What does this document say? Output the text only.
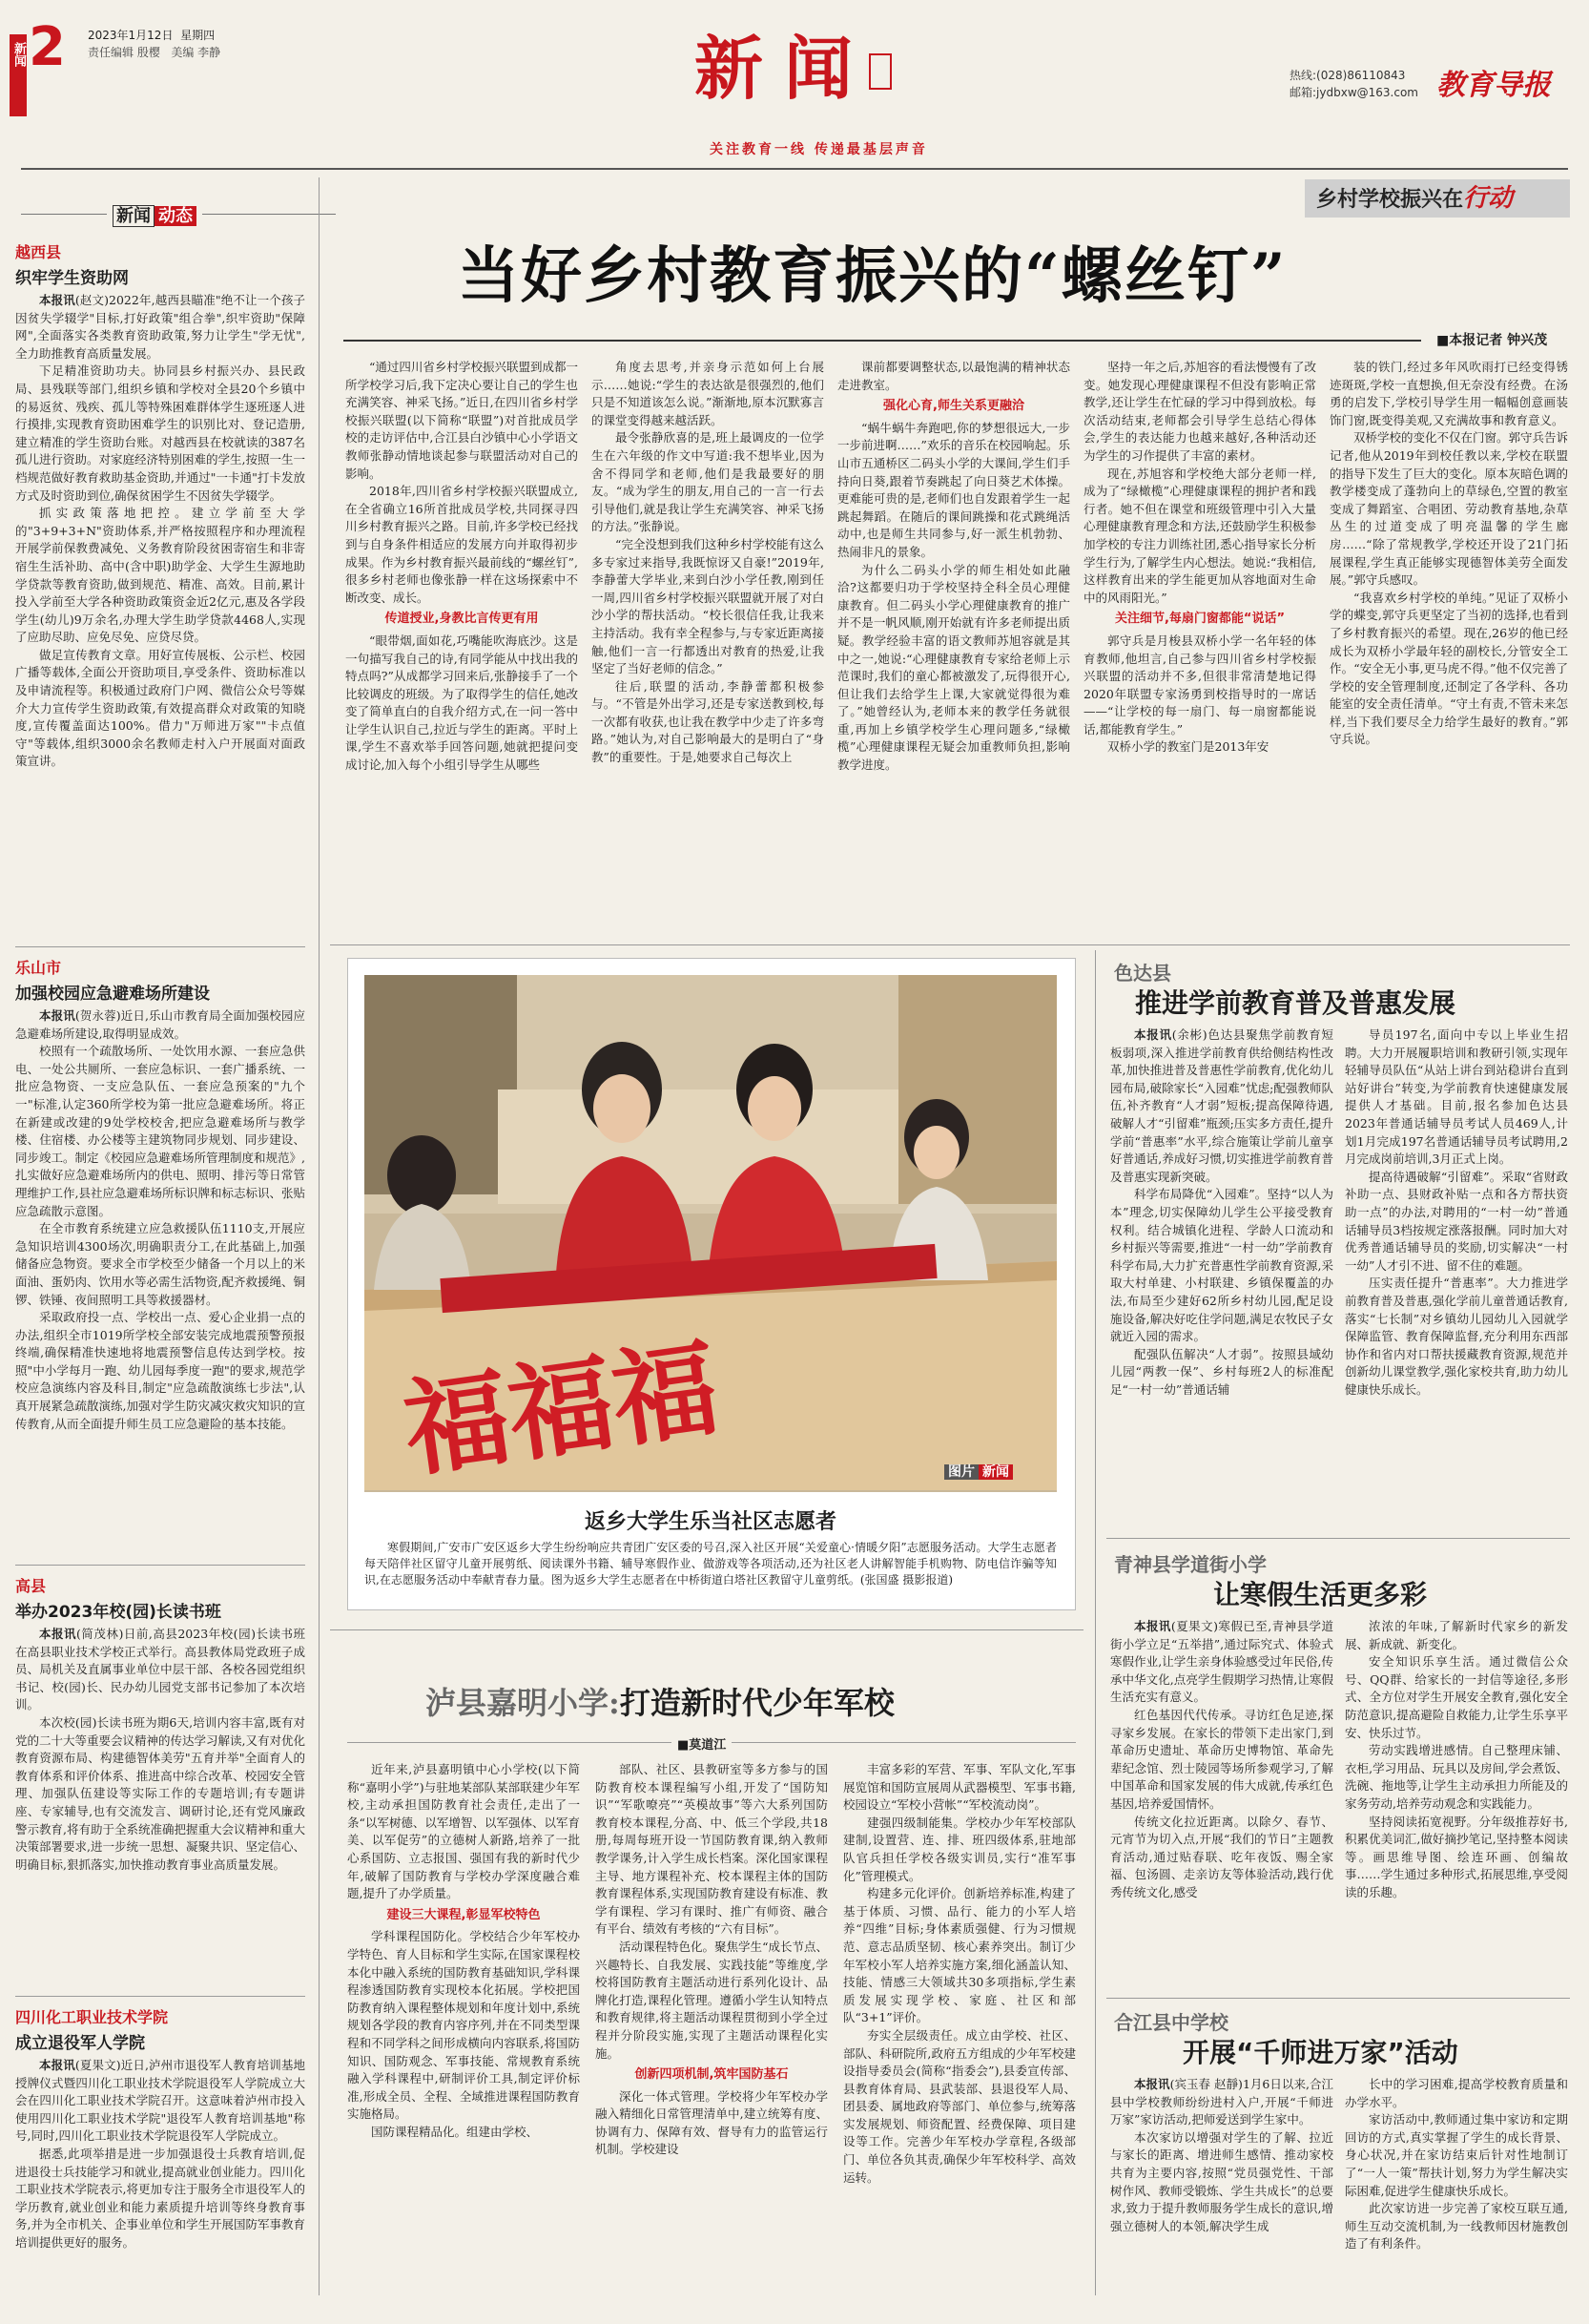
新闻 2 2023年1月12日 星期四
责任编辑 殷樱 美编 李静	新闻
关注教育一线 传递最基层声音
热线:(028)86110843
邮箱:jydbxw@163.com 教育导报
新闻 动态
越西县
织牢学生资助网

本报讯(赵文)2022年,越西县瞄准"绝不让一个孩子因贫失学辍学"目标,打好政策"组合拳",织牢资助"保障网",全面落实各类教育资助政策,努力让学生"学无忧",全力助推教育高质量发展。

下足精准资助功夫。协同县乡村振兴办、县民政局、县残联等部门,组织乡镇和学校对全县20个乡镇中的易返贫、残疾、孤儿等特殊困难群体学生逐班逐人进行摸排,实现教育资助困难学生的识别比对、登记造册,建立精准的学生资助台账。对越西县在校就读的387名孤儿进行资助。对家庭经济特别困难的学生,按照一生一档规范做好教育救助基金资助,并通过"一卡通"打卡发放方式及时资助到位,确保贫困学生不因贫失学辍学。

抓实政策落地把控。建立学前至大学的"3+9+3+N"资助体系,并严格按照程序和办理流程开展学前保教费减免、义务教育阶段贫困寄宿生和非寄宿生生活补助、高中(含中职)助学金、大学生生源地助学贷款等教育资助,做到规范、精准、高效。目前,累计投入学前至大学各种资助政策资金近2亿元,惠及各学段学生(幼儿)9万余名,办理大学生助学贷款4468人,实现了应助尽助、应免尽免、应贷尽贷。

做足宣传教育文章。用好宣传展板、公示栏、校园广播等载体,全面公开资助项目,享受条件、资助标准以及申请流程等。积极通过政府门户网、微信公众号等媒介大力宣传学生资助政策,有效提高群众对政策的知晓度,宣传覆盖面达100%。借力"万师进万家""卡点值守"等载体,组织3000余名教师走村入户开展面对面政策宣讲。

乐山市
加强校园应急避难场所建设

本报讯(贺永蓉)近日,乐山市教育局全面加强校园应急避难场所建设,取得明显成效。

校照有一个疏散场所、一处饮用水源、一套应急供电、一处公共厕所、一套应急标识、一套广播系统、一批应急物资、一支应急队伍、一套应急预案的"九个一"标准,认定360所学校为第一批应急避难场所。将正在新建或改建的9处学校校舍,把应急避难场所与教学楼、住宿楼、办公楼等主建筑物同步规划、同步建设、同步竣工。制定《校园应急避难场所管理制度和规范》,扎实做好应急避难场所内的供电、照明、排污等日常管理维护工作,县社应急避难场所标识牌和标志标识、张贴应急疏散示意图。

在全市教育系统建立应急救援队伍1110支,开展应急知识培训4300场次,明确职责分工,在此基础上,加强储备应急物资。要求全市学校至少储备一个月以上的米面油、蛋奶肉、饮用水等必需生活物资,配齐救援绳、铜锣、铁锤、夜间照明工具等救援器材。

采取政府投一点、学校出一点、爱心企业捐一点的办法,组织全市1019所学校全部安装完成地震预警预报终端,确保精准快速地将地震预警信息传达到学校。按照"中小学每月一跑、幼儿园每季度一跑"的要求,规范学校应急演练内容及科目,制定"应急疏散演练七步法",认真开展紧急疏散演练,加强对学生防灾减灾救灾知识的宣传教育,从而全面提升师生员工应急避险的基本技能。

高县
举办2023年校(园)长读书班

本报讯(简茂林)日前,高县2023年校(园)长读书班在高县职业技术学校正式举行。高县教体局党政班子成员、局机关及直属事业单位中层干部、各校各园党组织书记、校(园)长、民办幼儿园党支部书记参加了本次培训。

本次校(园)长读书班为期6天,培训内容丰富,既有对党的二十大等重要会议精神的传达学习解读,又有对优化教育资源布局、构建德智体美劳"五育并举"全面育人的教育体系和评价体系、推进高中综合改革、校园安全管理、加强队伍建设等实际工作的专题培训;有专题讲座、专家辅导,也有交流发言、调研讨论,还有党风廉政警示教育,将有助于全系统准确把握重大会议精神和重大决策部署要求,进一步统一思想、凝聚共识、坚定信心、明确目标,狠抓落实,加快推动教育事业高质量发展。

四川化工职业技术学院
成立退役军人学院

本报讯(夏果文)近日,泸州市退役军人教育培训基地授牌仪式暨四川化工职业技术学院退役军人学院成立大会在四川化工职业技术学院召开。这意味着泸州市投入使用四川化工职业技术学院"退役军人教育培训基地"称号,同时,四川化工职业技术学院退役军人学院成立。

据悉,此项举措是进一步加强退役士兵教育培训,促进退役士兵技能学习和就业,提高就业创业能力。四川化工职业技术学院表示,将更加专注于服务全市退役军人的学历教育,就业创业和能力素质提升培训等终身教育事务,并为全市机关、企事业单位和学生开展国防军事教育培训提供更好的服务。

乡村学校振兴在行动
当好乡村教育振兴的“螺丝钉”
■本报记者 钟兴茂

“通过四川省乡村学校振兴联盟到成都一所学校学习后,我下定决心要让自己的学生也充满笑容、神采飞扬。”近日,在四川省乡村学校振兴联盟(以下简称“联盟”)对首批成员学校的走访评估中,合江县白沙镇中心小学语文教师张静动情地谈起参与联盟活动对自己的影响。

2018年,四川省乡村学校振兴联盟成立,在全省确立16所首批成员学校,共同探寻四川乡村教育振兴之路。目前,许多学校已经找到与自身条件相适应的发展方向并取得初步成果。作为乡村教育振兴最前线的“螺丝钉”,很多乡村老师也像张静一样在这场探索中不断改变、成长。

传道授业,身教比言传更有用

“眼带烟,面如花,巧嘴能吹海底沙。这是一句描写我自己的诗,有同学能从中找出我的特点吗?”从成都学习回来后,张静接手了一个比较调皮的班级。为了取得学生的信任,她改变了简单直白的自我介绍方式,在一问一答中让学生认识自己,拉近与学生的距离。平时上课,学生不喜欢举手回答问题,她就把提问变成讨论,加入每个小组引导学生从哪些

角度去思考,并亲身示范如何上台展示……她说:“学生的表达欲是很强烈的,他们只是不知道该怎么说。”渐渐地,原本沉默寡言的课堂变得越来越活跃。

最令张静欣喜的是,班上最调皮的一位学生在六年级的作文中写道:我不想毕业,因为舍不得同学和老师,他们是我最要好的朋友。“成为学生的朋友,用自己的一言一行去引导他们,就是我让学生充满笑容、神采飞扬的方法。”张静说。

“完全没想到我们这种乡村学校能有这么多专家过来指导,我既惊讶又自豪!”2019年,李静蕾大学毕业,来到白沙小学任教,刚到任一周,四川省乡村学校振兴联盟就开展了对白沙小学的帮扶活动。“校长很信任我,让我来主持活动。我有幸全程参与,与专家近距离接触,他们一言一行都透出对教育的热爱,让我坚定了当好老师的信念。”

往后,联盟的活动,李静蕾都积极参与。“不管是外出学习,还是专家送教到校,每一次都有收获,也让我在教学中少走了许多弯路。”她认为,对自己影响最大的是明白了“身教”的重要性。于是,她要求自己每次上

课前都要调整状态,以最饱满的精神状态走进教室。

强化心育,师生关系更融洽

“蜗牛蜗牛奔跑吧,你的梦想很远大,一步一步前进啊……”欢乐的音乐在校园响起。乐山市五通桥区二码头小学的大课间,学生们手持向日葵,跟着节奏跳起了向日葵艺术体操。更难能可贵的是,老师们也自发跟着学生一起跳起舞蹈。在随后的课间跳操和花式跳绳活动中,也是师生共同参与,好一派生机勃勃、热闹非凡的景象。

为什么二码头小学的师生相处如此融洽?这都要归功于学校坚持全科全员心理健康教育。但二码头小学心理健康教育的推广并不是一帆风顺,刚开始就有许多老师提出质疑。教学经验丰富的语文教师苏旭容就是其中之一,她说:“心理健康教育专家给老师上示范课时,我们的童心都被激发了,玩得很开心,但让我们去给学生上课,大家就觉得很为难了。”她曾经认为,老师本来的教学任务就很重,再加上乡镇学校学生心理问题多,“绿橄榄”心理健康课程无疑会加重教师负担,影响教学进度。

坚持一年之后,苏旭容的看法慢慢有了改变。她发现心理健康课程不但没有影响正常教学,还让学生在忙碌的学习中得到放松。每次活动结束,老师都会引导学生总结心得体会,学生的表达能力也越来越好,各种活动还为学生的习作提供了丰富的素材。

现在,苏旭容和学校绝大部分老师一样,成为了“绿橄榄”心理健康课程的拥护者和践行者。她不但在课堂和班级管理中引入大量心理健康教育理念和方法,还鼓励学生积极参加学校的专注力训练社团,悉心指导家长分析学生行为,了解学生内心想法。她说:“我相信,这样教育出来的学生能更加从容地面对生命中的风雨阳光。”

关注细节,每扇门窗都能“说话”

郭守兵是月梭县双桥小学一名年轻的体育教师,他坦言,自己参与四川省乡村学校振兴联盟的活动并不多,但很非常清楚地记得2020年联盟专家汤勇到校指导时的一席话——“让学校的每一扇门、每一扇窗都能说话,都能教育学生。”

双桥小学的教室门是2013年安

装的铁门,经过多年风吹雨打已经变得锈迹斑斑,学校一直想换,但无奈没有经费。在汤勇的启发下,学校引导学生用一幅幅创意画装饰门窗,既变得美观,又充满故事和教育意义。

双桥学校的变化不仅在门窗。郭守兵告诉记者,他从2019年到校任教以来,学校在联盟的指导下发生了巨大的变化。原本灰暗色调的教学楼变成了蓬勃向上的草绿色,空置的教室变成了舞蹈室、合唱团、劳动教育基地,杂草丛生的过道变成了明亮温馨的学生廊房……“除了常规教学,学校还开设了21门拓展课程,学生真正能够实现德智体美劳全面发展。”郭守兵感叹。

“我喜欢乡村学校的单纯。”见证了双桥小学的蝶变,郭守兵更坚定了当初的选择,也看到了乡村教育振兴的希望。现在,26岁的他已经成长为双桥小学最年轻的副校长,分管安全工作。“安全无小事,更马虎不得。”他不仅完善了学校的安全管理制度,还制定了各学科、各功能室的安全责任清单。“守土有责,不管未来怎样,当下我们要尽全力给学生最好的教育。”郭守兵说。

福福福	图片 新闻
返乡大学生乐当社区志愿者

寒假期间,广安市广安区返乡大学生纷纷响应共青团广安区委的号召,深入社区开展“关爱童心·情暖夕阳”志愿服务活动。大学生志愿者每天陪伴社区留守儿童开展剪纸、阅读课外书籍、辅导寒假作业、做游戏等各项活动,还为社区老人讲解智能手机购物、防电信诈骗等知识,在志愿服务活动中奉献青春力量。图为返乡大学生志愿者在中桥街道白塔社区教留守儿童剪纸。(张国盛 摄影报道)

色达县
推进学前教育普及普惠发展

本报讯(余彬)色达县聚焦学前教育短板弱项,深入推进学前教育供给侧结构性改革,加快推进普及普惠性学前教育,优化幼儿园布局,破除家长“入园难”忧虑;配强教师队伍,补齐教育“人才弱”短板;提高保障待遇,破解人才“引留难”瓶颈;压实多方责任,提升学前“普惠率”水平,综合施策让学前儿童享好普通话,养成好习惯,切实推进学前教育普及普惠实现新突破。

科学布局降优“入园难”。坚持“以人为本”理念,切实保障幼儿学生公平接受教育权利。结合城镇化进程、学龄人口流动和乡村振兴等需要,推进“一村一幼”学前教育科学布局,大力扩充普惠性学前教育资源,采取大村单建、小村联建、乡镇保覆盖的办法,布局至少建好62所乡村幼儿园,配足设施设备,解决好吃住学问题,满足农牧民子女就近入园的需求。

配强队伍解决“人才弱”。按照县域幼儿园“两教一保”、乡村每班2人的标准配足“一村一幼”普通话辅

导员197名,面向中专以上毕业生招聘。大力开展履职培训和教研引领,实现年轻辅导员队伍“从站上讲台到站稳讲台直到站好讲台”转变,为学前教育快速健康发展提供人才基础。目前,报名参加色达县2023年普通话辅导员考试人员469人,计划1月完成197名普通话辅导员考试聘用,2月完成岗前培训,3月正式上岗。

提高待遇破解“引留难”。采取“省财政补助一点、县财政补贴一点和各方帮扶资助一点”的办法,对聘用的“一村一幼”普通话辅导员3档按规定涨落报酬。同时加大对优秀普通话辅导员的奖励,切实解决“一村一幼”人才引不进、留不住的难题。

压实责任提升“普惠率”。大力推进学前教育普及普惠,强化学前儿童普通话教育,落实“七长制”对乡镇幼儿园幼儿入园就学保障监管、教育保障监督,充分利用东西部协作和省内对口帮扶援藏教育资源,规范并创新幼儿课堂教学,强化家校共育,助力幼儿健康快乐成长。

青神县学道街小学
让寒假生活更多彩

本报讯(夏果文)寒假已至,青神县学道街小学立足“五举措”,通过际究式、体验式寒假作业,让学生亲身体验感受过年民俗,传承中华文化,点亮学生假期学习热情,让寒假生活充实有意义。

红色基因代代传承。寻访红色足迹,探寻家乡发展。在家长的带领下走出家门,到革命历史遗址、革命历史博物馆、革命先辈纪念馆、烈士陵园等场所参观学习,了解中国革命和国家发展的伟大成就,传承红色基因,培养爱国情怀。

传统文化拉近距离。以除夕、春节、元宵节为切入点,开展“我们的节日”主题教育活动,通过贴春联、吃年夜饭、赐全家福、包汤圆、走亲访友等体验活动,践行优秀传统文化,感受

浓浓的年味,了解新时代家乡的新发展、新成就、新变化。

安全知识乐享生活。通过微信公众号、QQ群、给家长的一封信等途径,多形式、全方位对学生开展安全教育,强化安全防范意识,提高避险自救能力,让学生乐享平安、快乐过节。

劳动实践增进感情。自己整理床铺、衣柜,学习用品、玩具以及房间,学会煮饭、洗碗、拖地等,让学生主动承担力所能及的家务劳动,培养劳动观念和实践能力。

坚持阅读拓宽视野。分年级推荐好书,积累优美词汇,做好摘抄笔记,坚持整本阅读等。画思维导图、绘连环画、创编故事……学生通过多种形式,拓展思维,享受阅读的乐趣。

合江县中学校
开展“千师进万家”活动

本报讯(宾玉春 赵靜)1月6日以来,合江县中学校教师纷纷进村入户,开展“千师进万家”家访活动,把师爱送到学生家中。

本次家访以增强对学生的了解、拉近与家长的距离、增进师生感情、推动家校共育为主要内容,按照“党员强党性、干部树作风、教师受锻炼、学生共成长”的总要求,致力于提升教师服务学生成长的意识,增强立德树人的本领,解决学生成

长中的学习困难,提高学校教育质量和办学水平。

家访活动中,教师通过集中家访和定期回访的方式,真实掌握了学生的成长背景、身心状况,并在家访结束后针对性地制订了“一人一策”帮扶计划,努力为学生解决实际困难,促进学生健康快乐成长。

此次家访进一步完善了家校互联互通,师生互动交流机制,为一线教师因材施教创造了有利条件。

泸县嘉明小学:打造新时代少年军校
■莫道江

近年来,泸县嘉明镇中心小学校(以下简称“嘉明小学”)与驻地某部队某部联建少年军校,主动承担国防教育社会责任,走出了一条“以军树德、以军增智、以军强体、以军育美、以军促劳”的立德树人新路,培养了一批心系国防、立志报国、强国有我的新时代少年,破解了国防教育与学校办学深度融合难题,提升了办学质量。

建设三大课程,彰显军校特色

学科课程国防化。学校结合少年军校办学特色、育人目标和学生实际,在国家课程校本化中融入系统的国防教育基础知识,学科课程渗透国防教育实现校本化拓展。学校把国防教育纳入课程整体规划和年度计划中,系统规划各学段的教育内容序列,并在不同类型课程和不同学科之间形成横向内容联系,将国防知识、国防观念、军事技能、常规教育系统融入学科课程中,研制评价工具,制定评价标准,形成全员、全程、全域推进课程国防教育实施格局。

国防课程精品化。组建由学校、

部队、社区、县教研室等多方参与的国防教育校本课程编写小组,开发了“国防知识”“军歌嘹亮”“英模故事”等六大系列国防教育校本课程,分高、中、低三个学段,共18册,每周每班开设一节国防教育课,纳入教师教学课务,计入学生成长档案。深化国家课程主导、地方课程补充、校本课程主体的国防教育课程体系,实现国防教育建设有标准、教学有课程、学习有课时、推广有师资、融合有平台、绩效有考核的“六有目标”。

活动课程特色化。聚焦学生“成长节点、兴趣特长、自我发展、实践技能”等维度,学校将国防教育主题活动进行系列化设计、品牌化打造,课程化管理。遵循小学生认知特点和教育规律,将主题活动课程贯彻到小学全过程并分阶段实施,实现了主题活动课程化实施。

创新四项机制,筑牢国防基石

深化一体式管理。学校将少年军校办学融入精细化日常管理清单中,建立统筹有度、协调有力、保障有效、督导有力的监管运行机制。学校建设

丰富多彩的军营、军事、军队文化,军事展览馆和国防宣展周从武器模型、军事书籍,校园设立“军校小营帐”“军校流动岗”。

建强四级制能集。学校办少年军校部队建制,设置营、连、排、班四级体系,驻地部队官兵担任学校各级实训员,实行“准军事化”管理模式。

构建多元化评价。创新培养标准,构建了基于体质、习惯、品行、能力的小军人培养“四维”目标;身体素质强健、行为习惯规范、意志品质坚韧、核心素养突出。制订少年军校小军人培养实施方案,细化涵盖认知、技能、情感三大领域共30多项指标,学生素质发展实现学校、家庭、社区和部队“3+1”评价。

夯实全层级责任。成立由学校、社区、部队、科研院所,政府五方组成的少年军校建设指导委员会(简称“指委会”),县委宣传部、县教育体育局、县武装部、县退役军人局、团县委、属地政府等部门、单位参与,统筹落实发展规划、师资配置、经费保障、项目建设等工作。完善少年军校办学章程,各级部门、单位各负其责,确保少年军校科学、高效运转。
